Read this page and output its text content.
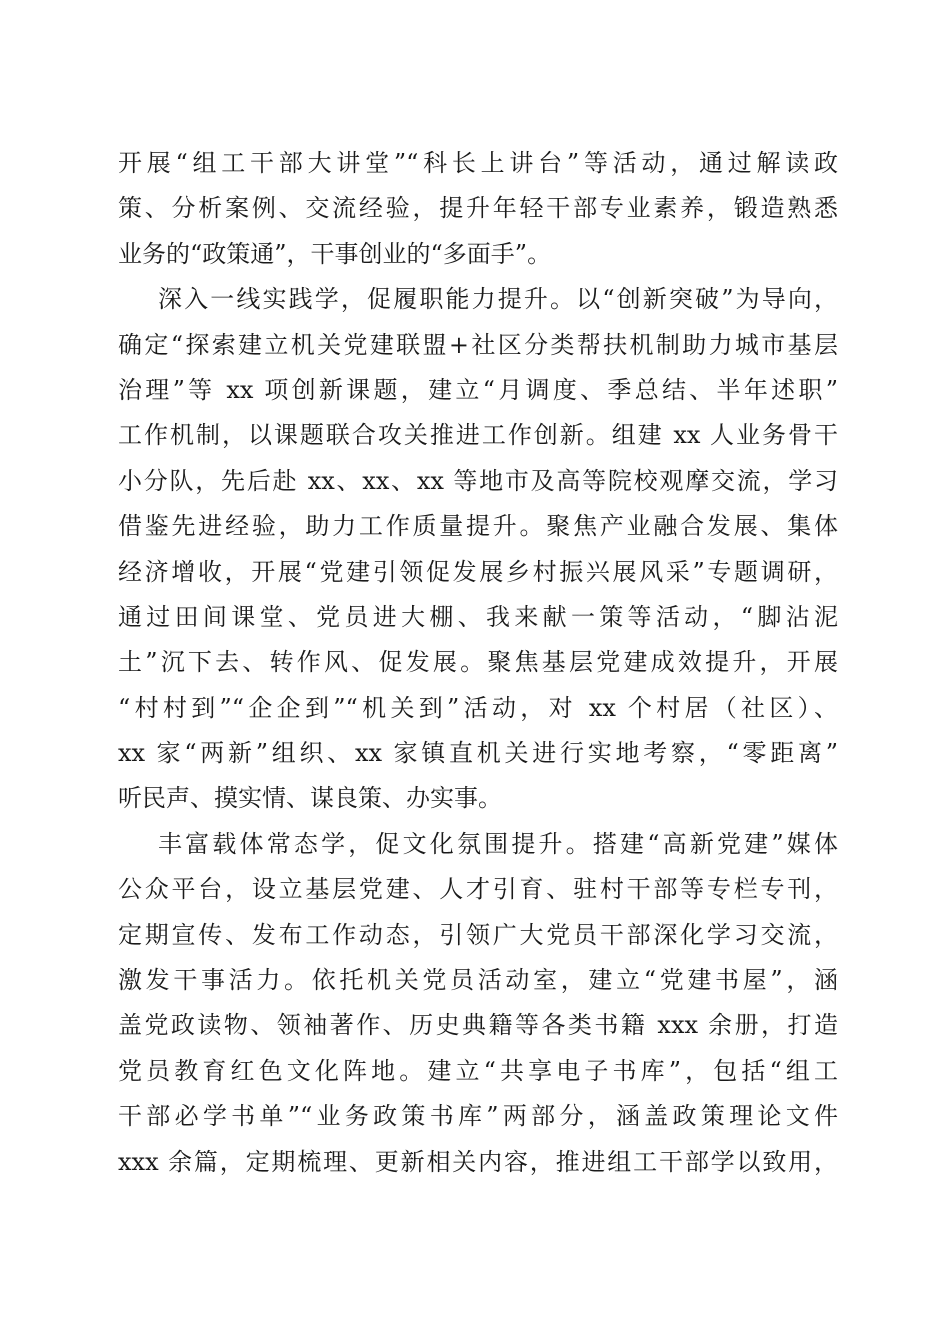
开展“组工干部大讲堂”“科长上讲台”等活动，通过解读政
策、分析案例、交流经验，提升年轻干部专业素养，锻造熟悉
业务的“政策通”，干事创业的“多面手”。
深入一线实践学，促履职能力提升。以“创新突破”为导向，
确定“探索建立机关党建联盟+社区分类帮扶机制助力城市基层
治理”等 xx 项创新课题，建立“月调度、季总结、半年述职”
工作机制，以课题联合攻关推进工作创新。组建 xx 人业务骨干
小分队，先后赴 xx、xx、xx 等地市及高等院校观摩交流，学习
借鉴先进经验，助力工作质量提升。聚焦产业融合发展、集体
经济增收，开展“党建引领促发展乡村振兴展风采”专题调研，
通过田间课堂、党员进大棚、我来献一策等活动，“脚沾泥
土”沉下去、转作风、促发展。聚焦基层党建成效提升，开展
“村村到”“企企到”“机关到”活动，对 xx 个村居（社区）、
xx 家“两新”组织、xx 家镇直机关进行实地考察，“零距离”
听民声、摸实情、谋良策、办实事。
丰富载体常态学，促文化氛围提升。搭建“高新党建”媒体
公众平台，设立基层党建、人才引育、驻村干部等专栏专刊，
定期宣传、发布工作动态，引领广大党员干部深化学习交流，
激发干事活力。依托机关党员活动室，建立“党建书屋”，涵
盖党政读物、领袖著作、历史典籍等各类书籍 xxx 余册，打造
党员教育红色文化阵地。建立“共享电子书库”，包括“组工
干部必学书单”“业务政策书库”两部分，涵盖政策理论文件
xxx 余篇，定期梳理、更新相关内容，推进组工干部学以致用，
